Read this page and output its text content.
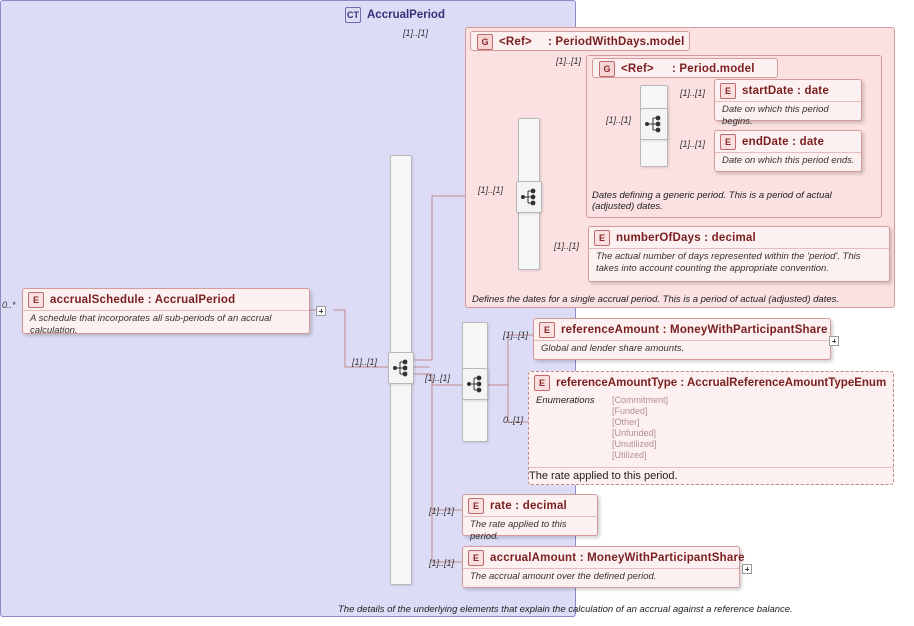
0..*	E accrualSchedule : AccrualPeriod
A schedule that incorporates all sub-periods of an accrual calculation.
CT AccrualPeriod
The details of the underlying elements that explain the calculation of an accrual against a reference balance.
[1]..[1]
[1]..[1]
G <Ref> : PeriodWithDays.model
Defines the dates for a single accrual period. This is a period of actual (adjusted) dates.
[1]..[1]
[1]..[1]
G <Ref> : Period.model
Dates defining a generic period. This is a period of actual (adjusted) dates.
[1]..[1]
[1]..[1]	E startDate : date
Date on which this period begins.
[1]..[1]	E endDate : date
Date on which this period ends.
[1]..[1]
E numberOfDays : decimal
The actual number of days represented within the 'period'. This takes into account counting the appropriate convention.
[1]..[1]
[1]..[1]	E referenceAmount : MoneyWithParticipantShare
Global and lender share amounts.
0..[1]
E referenceAmountType : AccrualReferenceAmountTypeEnum
Enumerations	[Commitment]
[Funded]
[Other]
[Unfunded]
[Unutilized]
[Utilized]
The rate applied to this period.
[1]..[1]	E rate : decimal
The rate applied to this period.
[1]..[1]	E accrualAmount : MoneyWithParticipantShare
The accrual amount over the defined period.
